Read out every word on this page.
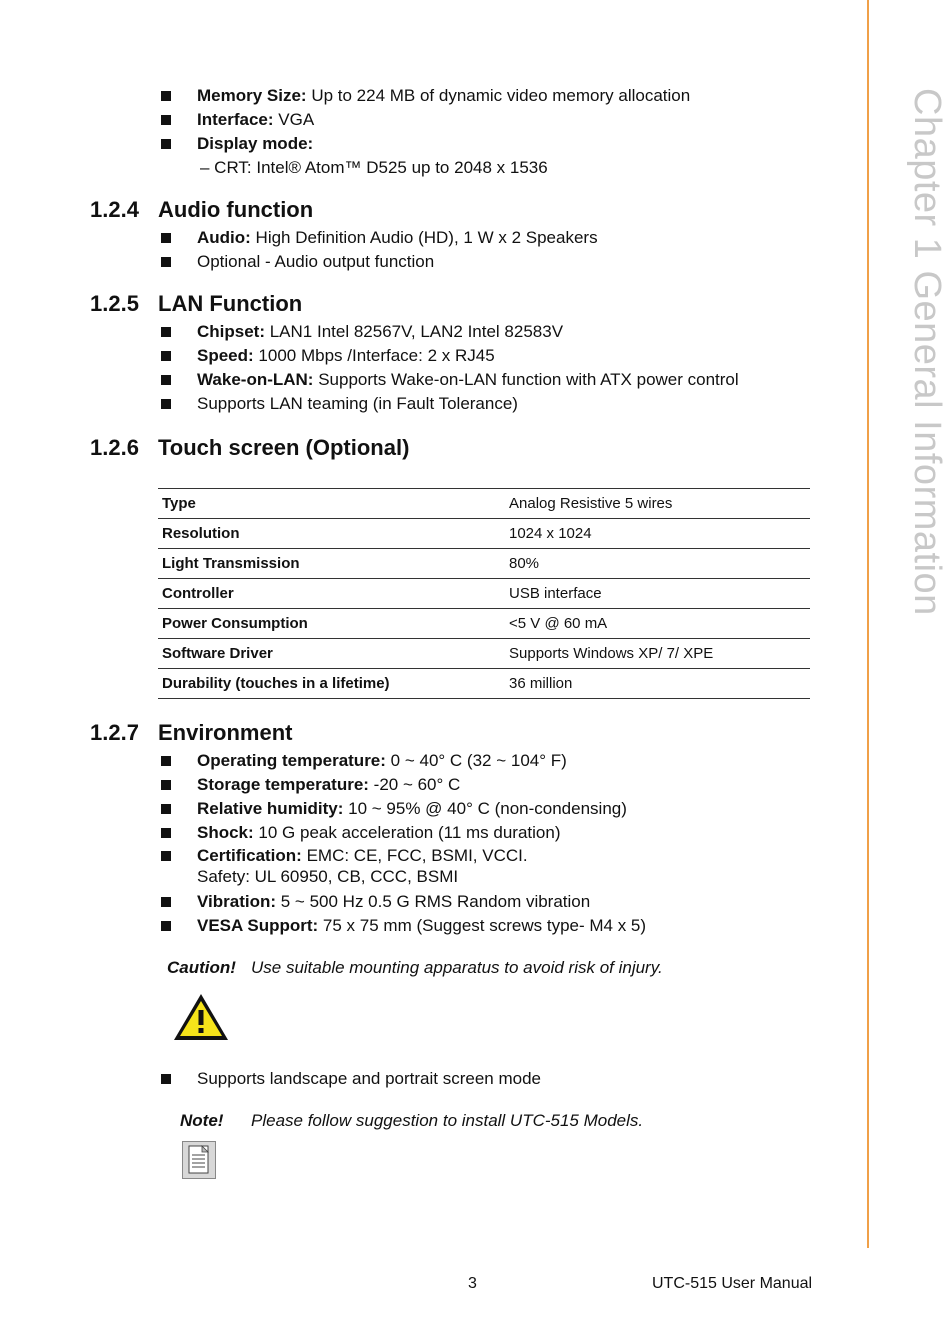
Chapter 1 General Information
Memory Size: Up to 224 MB of dynamic video memory allocation
Interface: VGA
Display mode:
– CRT: Intel® Atom™ D525 up to 2048 x 1536
1.2.4 Audio function
Audio: High Definition Audio (HD), 1 W x 2 Speakers
Optional - Audio output function
1.2.5 LAN Function
Chipset: LAN1 Intel 82567V, LAN2 Intel 82583V
Speed: 1000 Mbps /Interface: 2 x RJ45
Wake-on-LAN: Supports Wake-on-LAN function with ATX power control
Supports LAN teaming (in Fault Tolerance)
1.2.6 Touch screen (Optional)
Type	Analog Resistive 5 wires
Resolution	1024 x 1024
Light Transmission	80%
Controller	USB interface
Power Consumption	<5 V @ 60 mA
Software Driver	Supports Windows XP/ 7/ XPE
Durability (touches in a lifetime)	36 million
1.2.7 Environment
Operating temperature: 0 ~ 40° C (32 ~ 104° F)
Storage temperature: -20 ~ 60° C
Relative humidity: 10 ~ 95% @ 40° C (non-condensing)
Shock: 10 G peak acceleration (11 ms duration)
Certification: EMC: CE, FCC, BSMI, VCCI.
Safety: UL 60950, CB, CCC, BSMI
Vibration: 5 ~ 500 Hz 0.5 G RMS Random vibration
VESA Support: 75 x 75 mm (Suggest screws type- M4 x 5)
Caution! Use suitable mounting apparatus to avoid risk of injury.
Supports landscape and portrait screen mode
Note!	Please follow suggestion to install UTC-515 Models.
3	UTC-515 User Manual
